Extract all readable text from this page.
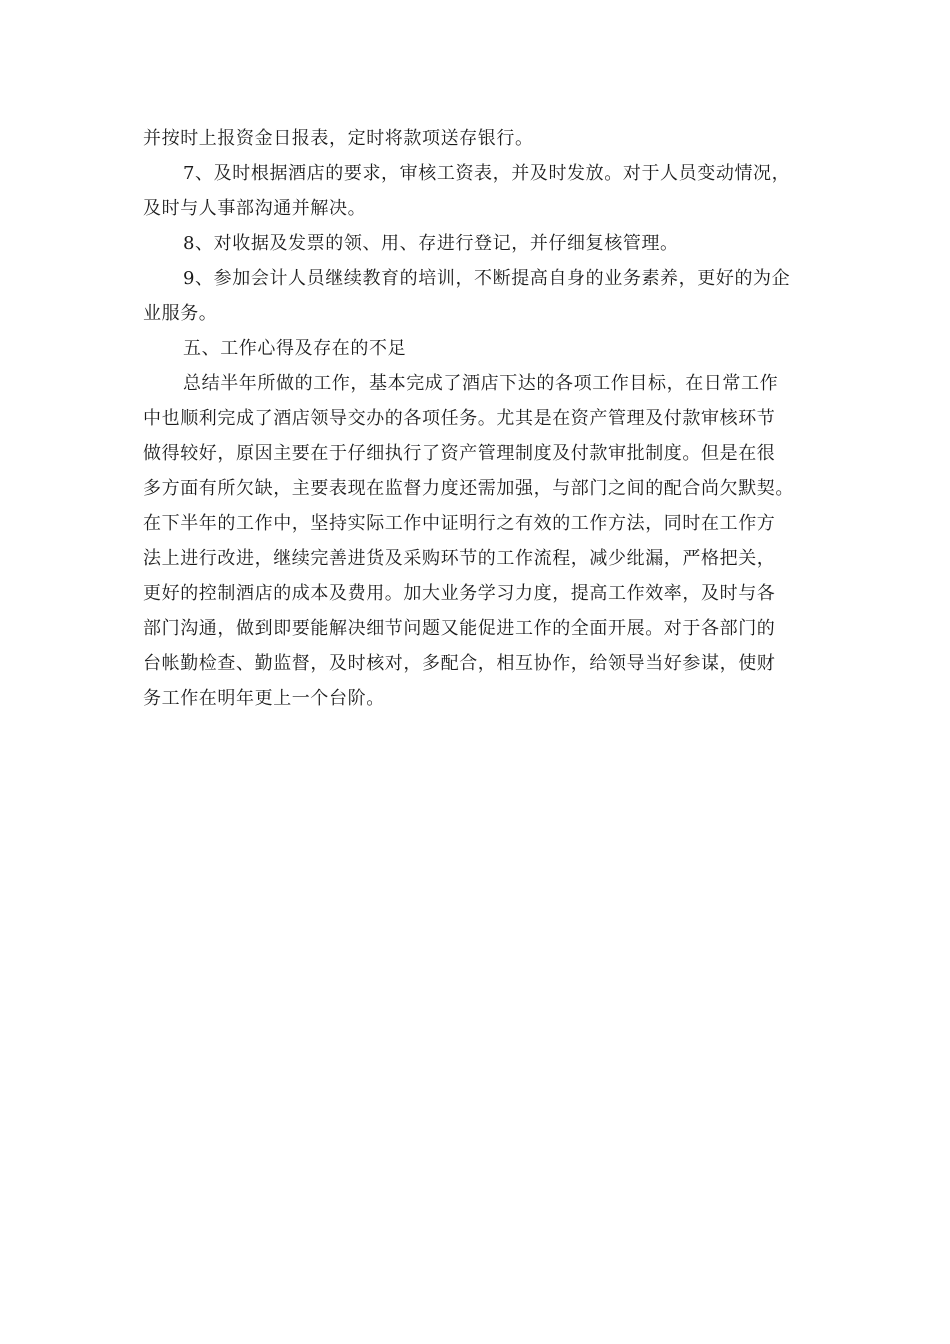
并按时上报资金日报表，定时将款项送存银行。
7、及时根据酒店的要求，审核工资表，并及时发放。对于人员变动情况，
及时与人事部沟通并解决。
8、对收据及发票的领、用、存进行登记，并仔细复核管理。
9、参加会计人员继续教育的培训，不断提高自身的业务素养，更好的为企
业服务。
五、工作心得及存在的不足
总结半年所做的工作，基本完成了酒店下达的各项工作目标，在日常工作
中也顺利完成了酒店领导交办的各项任务。尤其是在资产管理及付款审核环节
做得较好，原因主要在于仔细执行了资产管理制度及付款审批制度。但是在很
多方面有所欠缺，主要表现在监督力度还需加强，与部门之间的配合尚欠默契。
在下半年的工作中，坚持实际工作中证明行之有效的工作方法，同时在工作方
法上进行改进，继续完善进货及采购环节的工作流程，减少纰漏，严格把关，
更好的控制酒店的成本及费用。加大业务学习力度，提高工作效率，及时与各
部门沟通，做到即要能解决细节问题又能促进工作的全面开展。对于各部门的
台帐勤检查、勤监督，及时核对，多配合，相互协作，给领导当好参谋，使财
务工作在明年更上一个台阶。
